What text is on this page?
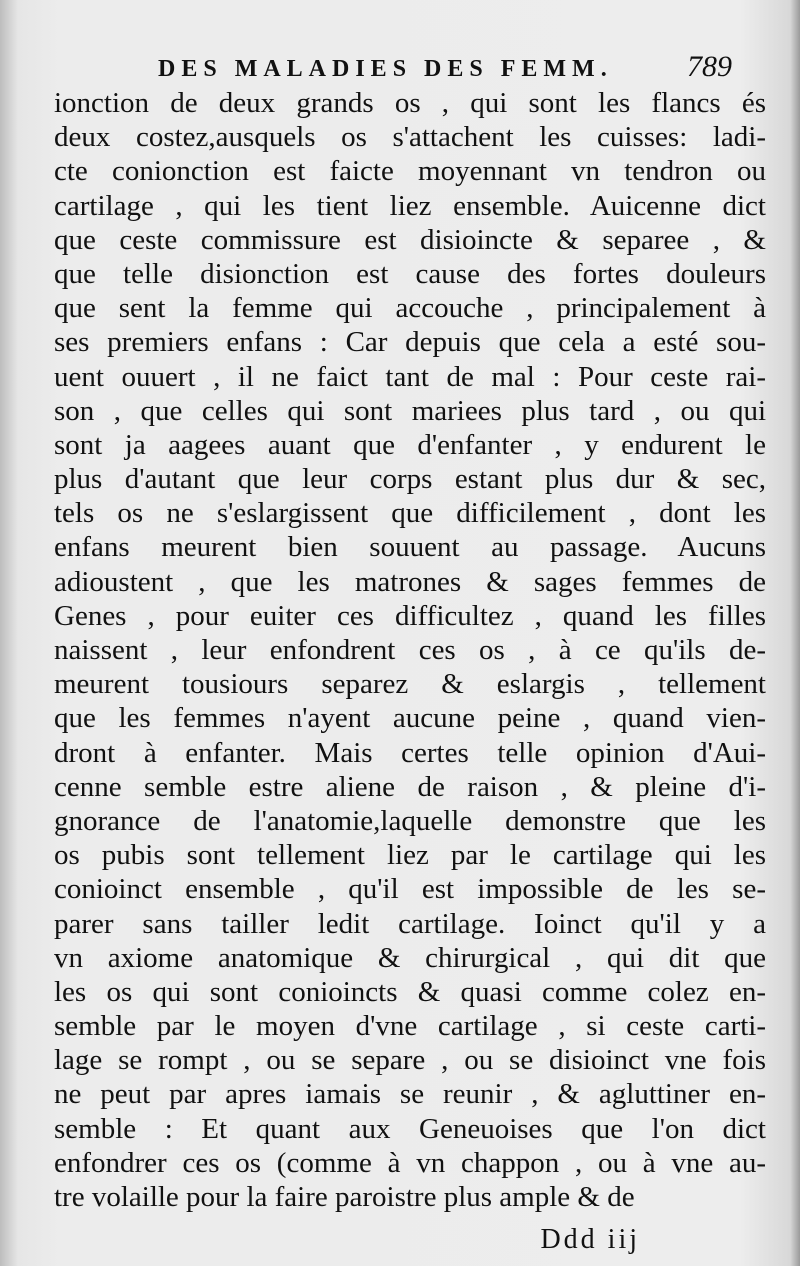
DES MALADIES DES FEMM. 789
ionction de deux grands os , qui sont les flancs és
deux costez,ausquels os s'attachent les cuisses: ladi-
cte conionction est faicte moyennant vn tendron ou
cartilage , qui les tient liez ensemble. Auicenne dict
que ceste commissure est disioincte & separee , &
que telle disionction est cause des fortes douleurs
que sent la femme qui accouche , principalement à
ses premiers enfans : Car depuis que cela a esté sou-
uent ouuert , il ne faict tant de mal : Pour ceste rai-
son , que celles qui sont mariees plus tard , ou qui
sont ja aagees auant que d'enfanter , y endurent le
plus d'autant que leur corps estant plus dur & sec,
tels os ne s'eslargissent que difficilement , dont les
enfans meurent bien souuent au passage. Aucuns
adioustent , que les matrones & sages femmes de
Genes , pour euiter ces difficultez , quand les filles
naissent , leur enfondrent ces os , à ce qu'ils de-
meurent tousiours separez & eslargis , tellement
que les femmes n'ayent aucune peine , quand vien-
dront à enfanter. Mais certes telle opinion d'Aui-
cenne semble estre aliene de raison , & pleine d'i-
gnorance de l'anatomie,laquelle demonstre que les
os pubis sont tellement liez par le cartilage qui les
conioinct ensemble , qu'il est impossible de les se-
parer sans tailler ledit cartilage. Ioinct qu'il y a
vn axiome anatomique & chirurgical , qui dit que
les os qui sont conioincts & quasi comme colez en-
semble par le moyen d'vne cartilage , si ceste carti-
lage se rompt , ou se separe , ou se disioinct vne fois
ne peut par apres iamais se reunir , & agluttiner en-
semble : Et quant aux Geneuoises que l'on dict
enfondrer ces os (comme à vn chappon , ou à vne au-
tre volaille pour la faire paroistre plus ample & de
Ddd iij
